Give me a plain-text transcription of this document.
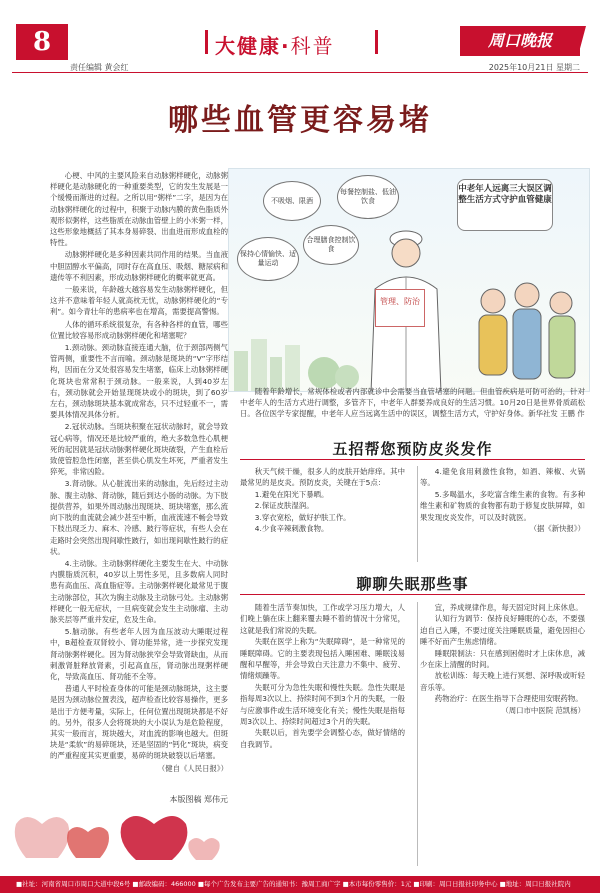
8	大健康·科普	周口晚报
责任编辑 黄会红	2025年10月21日 星期二
哪些血管更容易堵

心梗、中风的主要风险来自动脉粥样硬化，动脉粥样硬化是动脉硬化的一种重要类型，它的发生发展是一个缓慢而渐进的过程。之所以用“粥样”二字，是因为在动脉粥样硬化的过程中，积聚于动脉内膜的黄色脂质外观形似粥样，这些脂质在动脉血管壁上的小米粥一样，这些形象地概括了其本身易碎裂、出血进而形成血栓的特性。

动脉粥样硬化是多种因素共同作用的结果。当血液中胆固醇水平偏高，同时存在高血压、吸烟、糖尿病和遗传等不利因素，形成动脉粥样硬化的概率就更高。

一般来说，年龄越大越容易发生动脉粥样硬化，但这并不意味着年轻人就高枕无忧，动脉粥样硬化的“专利”。如今青壮年的患病率也在增高，需要提高警惕。

人体的循环系统很复杂，有各种各样的血管，哪些位置比较容易形成动脉粥样硬化和堵塞呢？

1.颈动脉。颈动脉直接连通大脑，位于颈部两侧气管两侧，重要性不言而喻。颈动脉是斑块的“V”字形结构，因而在分叉处很容易发生堵塞，临床上动脉粥样硬化斑块也常常积于颈动脉。一般来说，人到40岁左右，颈动脉就会开始显现斑块或小的斑块，到了60岁左右，颈动脉斑块基本就成常态，只不过轻重不一，需要具体情况具体分析。

2.冠状动脉。当斑块积聚在冠状动脉时，就会导致冠心病等，情况还是比较严重的，绝大多数急性心肌梗死的起因就是冠状动脉粥样硬化斑块破裂，产生血栓后致使管腔急性闭塞，甚至供心肌发生坏死，严重者发生猝死，非常凶险。

3.肾动脉。从心脏流出来的动脉血，先后经过主动脉、腹主动脉、肾动脉，随后到达小肠的动脉。为下肢提供营养，如果外周动脉出现斑块、斑块堵塞，那么流向下肢的血流就会减少甚至中断，血液流速不畅会导致下肢出现乏力、麻木、冷感、跛行等症状，有些人会在走路时会突然出现间歇性跛行，如出现间歇性跛行的症状。

4.主动脉。主动脉粥样硬化主要发生在大、中动脉内膜脂质沉积，40岁以上男性多见，且多数病人同时患有高血压、高血脂症等。主动脉粥样硬化最常见于腹主动脉部位，其次为胸主动脉及主动脉弓处。主动脉粥样硬化一般无症状，一旦病变就会发生主动脉瘤、主动脉夹层等严重并发症，危及生命。

5.脑动脉。有些老年人因为血压波动大睡眠过程中，B超检查双肾较小、肾功能异常，进一步探究发现肾动脉粥样硬化。因为肾动脉狭窄会导致肾缺血，从而刺激肾脏释放肾素，引起高血压，肾动脉出现粥样硬化，导致高血压、肾功能不全等。

普通人平时检查身体的可能是颈动脉斑块，这主要是因为颈动脉位置表浅，超声检查比较容易操作，更多是出于方便考量，实际上，任何位置出现斑块都是不好的。另外，很多人会将斑块的大小误认为是危险程度，其实一般而言，斑块越大，对血流的影响也越大。但斑块是“柔软”的易碎斑块，还是坚固的“钙化”斑块，病变的严重程度其实更重要，易碎的斑块破裂以后堵塞。

（健自《人民日报》）

本版图稿 郑伟元

不吸烟、限酒
每餐控制盐、低油饮食
保持心情愉快、适量运动
合理膳食控制饮食
管理、防治
中老年人远离三大误区调整生活方式守护血管健康

随着年龄增长，常规体检或者内部就诊中会需要当血管堵塞的问题。但血管疾病是可防可治的，针对中老年人的生活方式进行调整，多管齐下，中老年人群要养成良好的生活习惯。10月20日是世界骨质疏松日。各位医学专家提醒，中老年人应当远离生活中的误区，调整生活方式，守护好身体。新华社发 王鹏 作

五招帮您预防皮炎发作

秋天气候干燥，很多人的皮肤开始痒痒。其中最常见的是皮炎。预防皮炎，关键在于5点：

1.避免在阳光下暴晒。

2.保证皮肤湿润。

3.穿衣宽松，做好护肤工作。

4.少食辛辣刺激食物。

4.避免食用刺激性食物，如酒、辣椒、火锅等。

5.多喝温水，多吃富含维生素的食物。有多种维生素和矿物质的食物都有助于修复皮肤屏障，如果发现皮炎发作，可以及时就医。

（据《新快报》）

聊聊失眠那些事

随着生活节奏加快，工作或学习压力增大，人们晚上躺在床上翻来覆去睡不着的情况十分常见，这就是我们常说的失眠。

失眠在医学上称为“失眠障碍”，是一种常见的睡眠障碍。它的主要表现包括入睡困难、睡眠浅易醒和早醒等，并会导致白天注意力不集中、疲劳、情绪烦躁等。

失眠可分为急性失眠和慢性失眠。急性失眠是指每周3次以上、持续时间不到3个月的失眠，一般与应激事件或生活环境变化有关；慢性失眠是指每周3次以上、持续时间超过3个月的失眠。

失眠以后，首先要学会调整心态，做好情绪的自我调节。

宜，养成规律作息，每天固定时间上床休息。

认知行为调节：保持良好睡眠的心态，不要强迫自己入睡，不要过度关注睡眠质量，避免因担心睡不好而产生焦虑情绪。

睡眠限制法：只在感到困倦时才上床休息，减少在床上清醒的时间。

放松训练：每天晚上进行冥想、深呼吸或听轻音乐等。

药物治疗：在医生指导下合理使用安眠药物。

（周口市中医院 范凯杨）

■社址：河南省周口市周口大道中段6号 ■邮政编码：466000 ■每个广告发布主要广告的通知书：豫周工商广字 ■本市每份零售价：1元 ■印刷：周口日报社印务中心 ■地址：周口日报社院内
